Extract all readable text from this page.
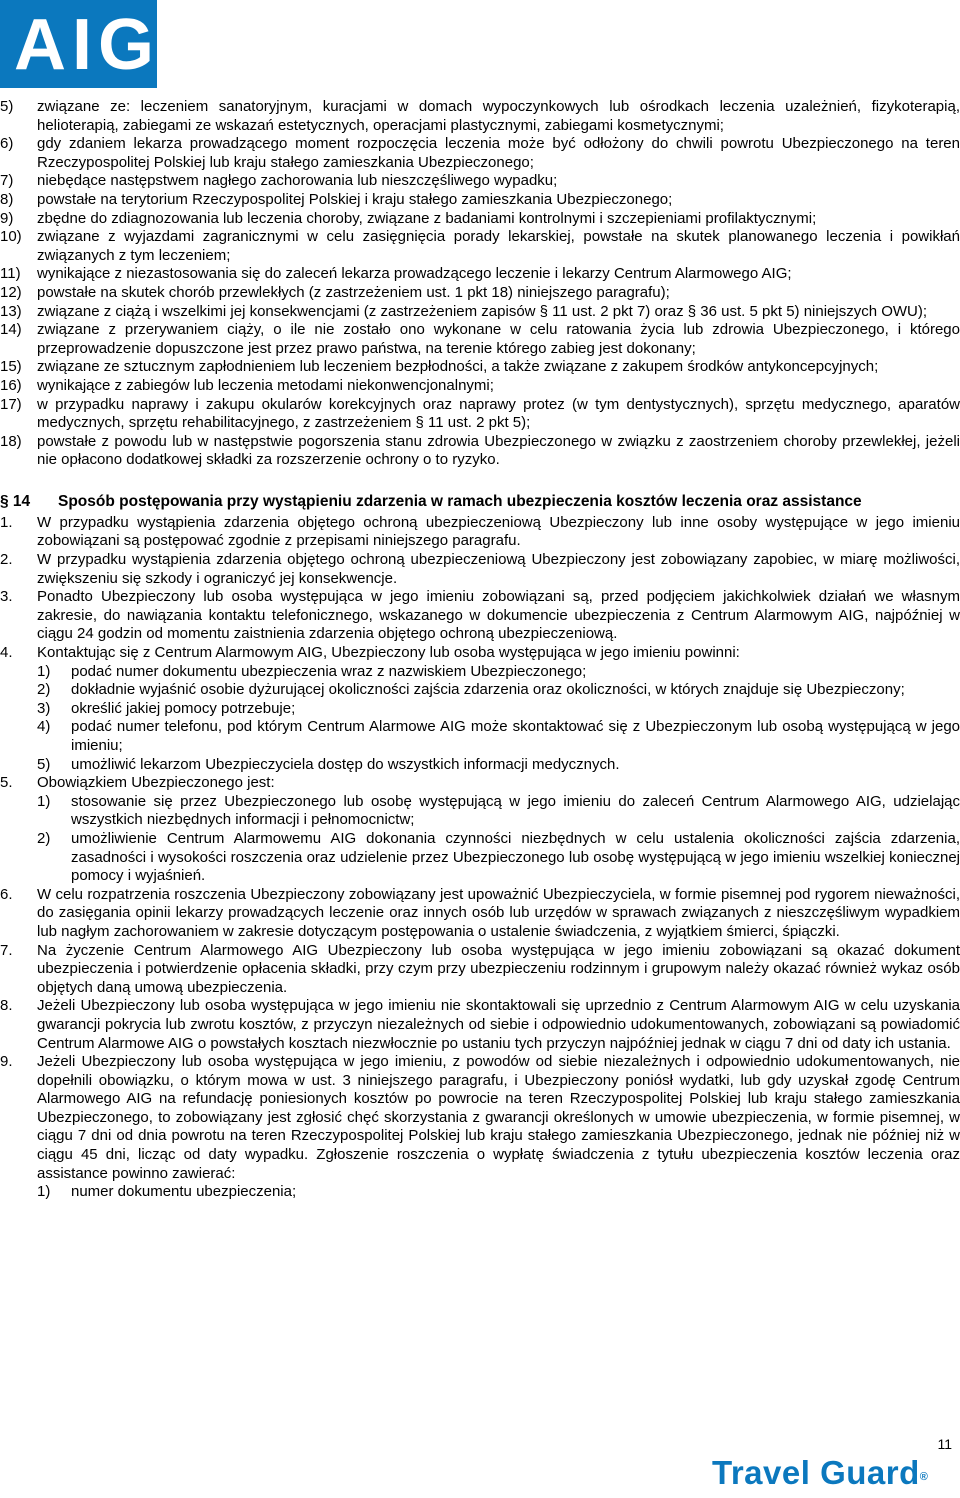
AIG
5) związane ze: leczeniem sanatoryjnym, kuracjami w domach wypoczynkowych lub ośrodkach leczenia uzależnień, fizykoterapią, helioterapią, zabiegami ze wskazań estetycznych, operacjami plastycznymi, zabiegami kosmetycznymi;
6) gdy zdaniem lekarza prowadzącego moment rozpoczęcia leczenia może być odłożony do chwili powrotu Ubezpieczonego na teren Rzeczypospolitej Polskiej lub kraju stałego zamieszkania Ubezpieczonego;
7) niebędące następstwem nagłego zachorowania lub nieszczęśliwego wypadku;
8) powstałe na terytorium Rzeczypospolitej Polskiej i kraju stałego zamieszkania Ubezpieczonego;
9) zbędne do zdiagnozowania lub leczenia choroby, związane z badaniami kontrolnymi i szczepieniami profilaktycznymi;
10) związane z wyjazdami zagranicznymi w celu zasięgnięcia porady lekarskiej, powstałe na skutek planowanego leczenia i powikłań związanych z tym leczeniem;
11) wynikające z niezastosowania się do zaleceń lekarza prowadzącego leczenie i lekarzy Centrum Alarmowego AIG;
12) powstałe na skutek chorób przewlekłych (z zastrzeżeniem ust. 1 pkt 18) niniejszego paragrafu);
13) związane z ciążą i wszelkimi jej konsekwencjami (z zastrzeżeniem zapisów § 11 ust. 2 pkt 7) oraz § 36 ust. 5 pkt 5) niniejszych OWU);
14) związane z przerywaniem ciąży, o ile nie zostało ono wykonane w celu ratowania życia lub zdrowia Ubezpieczonego, i którego przeprowadzenie dopuszczone jest przez prawo państwa, na terenie którego zabieg jest dokonany;
15) związane ze sztucznym zapłodnieniem lub leczeniem bezpłodności, a także związane z zakupem środków antykoncepcyjnych;
16) wynikające z zabiegów lub leczenia metodami niekonwencjonalnymi;
17) w przypadku naprawy i zakupu okularów korekcyjnych oraz naprawy protez (w tym dentystycznych), sprzętu medycznego, aparatów medycznych, sprzętu rehabilitacyjnego, z zastrzeżeniem § 11 ust. 2 pkt 5);
18) powstałe z powodu lub w następstwie pogorszenia stanu zdrowia Ubezpieczonego w związku z zaostrzeniem choroby przewlekłej, jeżeli nie opłacono dodatkowej składki za rozszerzenie ochrony o to ryzyko.
§ 14 Sposób postępowania przy wystąpieniu zdarzenia w ramach ubezpieczenia kosztów leczenia oraz assistance
1. W przypadku wystąpienia zdarzenia objętego ochroną ubezpieczeniową Ubezpieczony lub inne osoby występujące w jego imieniu zobowiązani są postępować zgodnie z przepisami niniejszego paragrafu.
2. W przypadku wystąpienia zdarzenia objętego ochroną ubezpieczeniową Ubezpieczony jest zobowiązany zapobiec, w miarę możliwości, zwiększeniu się szkody i ograniczyć jej konsekwencje.
3. Ponadto Ubezpieczony lub osoba występująca w jego imieniu zobowiązani są, przed podjęciem jakichkolwiek działań we własnym zakresie, do nawiązania kontaktu telefonicznego, wskazanego w dokumencie ubezpieczenia z Centrum Alarmowym AIG, najpóźniej w ciągu 24 godzin od momentu zaistnienia zdarzenia objętego ochroną ubezpieczeniową.
4. Kontaktując się z Centrum Alarmowym AIG, Ubezpieczony lub osoba występująca w jego imieniu powinni:
1) podać numer dokumentu ubezpieczenia wraz z nazwiskiem Ubezpieczonego;
2) dokładnie wyjaśnić osobie dyżurującej okoliczności zajścia zdarzenia oraz okoliczności, w których znajduje się Ubezpieczony;
3) określić jakiej pomocy potrzebuje;
4) podać numer telefonu, pod którym Centrum Alarmowe AIG może skontaktować się z Ubezpieczonym lub osobą występującą w jego imieniu;
5) umożliwić lekarzom Ubezpieczyciela dostęp do wszystkich informacji medycznych.
5. Obowiązkiem Ubezpieczonego jest:
1) stosowanie się przez Ubezpieczonego lub osobę występującą w jego imieniu do zaleceń Centrum Alarmowego AIG, udzielając wszystkich niezbędnych informacji i pełnomocnictw;
2) umożliwienie Centrum Alarmowemu AIG dokonania czynności niezbędnych w celu ustalenia okoliczności zajścia zdarzenia, zasadności i wysokości roszczenia oraz udzielenie przez Ubezpieczonego lub osobę występującą w jego imieniu wszelkiej koniecznej pomocy i wyjaśnień.
6. W celu rozpatrzenia roszczenia Ubezpieczony zobowiązany jest upoważnić Ubezpieczyciela, w formie pisemnej pod rygorem nieważności, do zasięgania opinii lekarzy prowadzących leczenie oraz innych osób lub urzędów w sprawach związanych z nieszczęśliwym wypadkiem lub nagłym zachorowaniem w zakresie dotyczącym postępowania o ustalenie świadczenia, z wyjątkiem śmierci, śpiączki.
7. Na życzenie Centrum Alarmowego AIG Ubezpieczony lub osoba występująca w jego imieniu zobowiązani są okazać dokument ubezpieczenia i potwierdzenie opłacenia składki, przy czym przy ubezpieczeniu rodzinnym i grupowym należy okazać również wykaz osób objętych daną umową ubezpieczenia.
8. Jeżeli Ubezpieczony lub osoba występująca w jego imieniu nie skontaktowali się uprzednio z Centrum Alarmowym AIG w celu uzyskania gwarancji pokrycia lub zwrotu kosztów, z przyczyn niezależnych od siebie i odpowiednio udokumentowanych, zobowiązani są powiadomić Centrum Alarmowe AIG o powstałych kosztach niezwłocznie po ustaniu tych przyczyn najpóźniej jednak w ciągu 7 dni od daty ich ustania.
9. Jeżeli Ubezpieczony lub osoba występująca w jego imieniu, z powodów od siebie niezależnych i odpowiednio udokumentowanych, nie dopełnili obowiązku, o którym mowa w ust. 3 niniejszego paragrafu, i Ubezpieczony poniósł wydatki, lub gdy uzyskał zgodę Centrum Alarmowego AIG na refundację poniesionych kosztów po powrocie na teren Rzeczypospolitej Polskiej lub kraju stałego zamieszkania Ubezpieczonego, to zobowiązany jest zgłosić chęć skorzystania z gwarancji określonych w umowie ubezpieczenia, w formie pisemnej, w ciągu 7 dni od dnia powrotu na teren Rzeczypospolitej Polskiej lub kraju stałego zamieszkania Ubezpieczonego, jednak nie później niż w ciągu 45 dni, licząc od daty wypadku. Zgłoszenie roszczenia o wypłatę świadczenia z tytułu ubezpieczenia kosztów leczenia oraz assistance powinno zawierać:
1) numer dokumentu ubezpieczenia;
11
Travel Guard®
